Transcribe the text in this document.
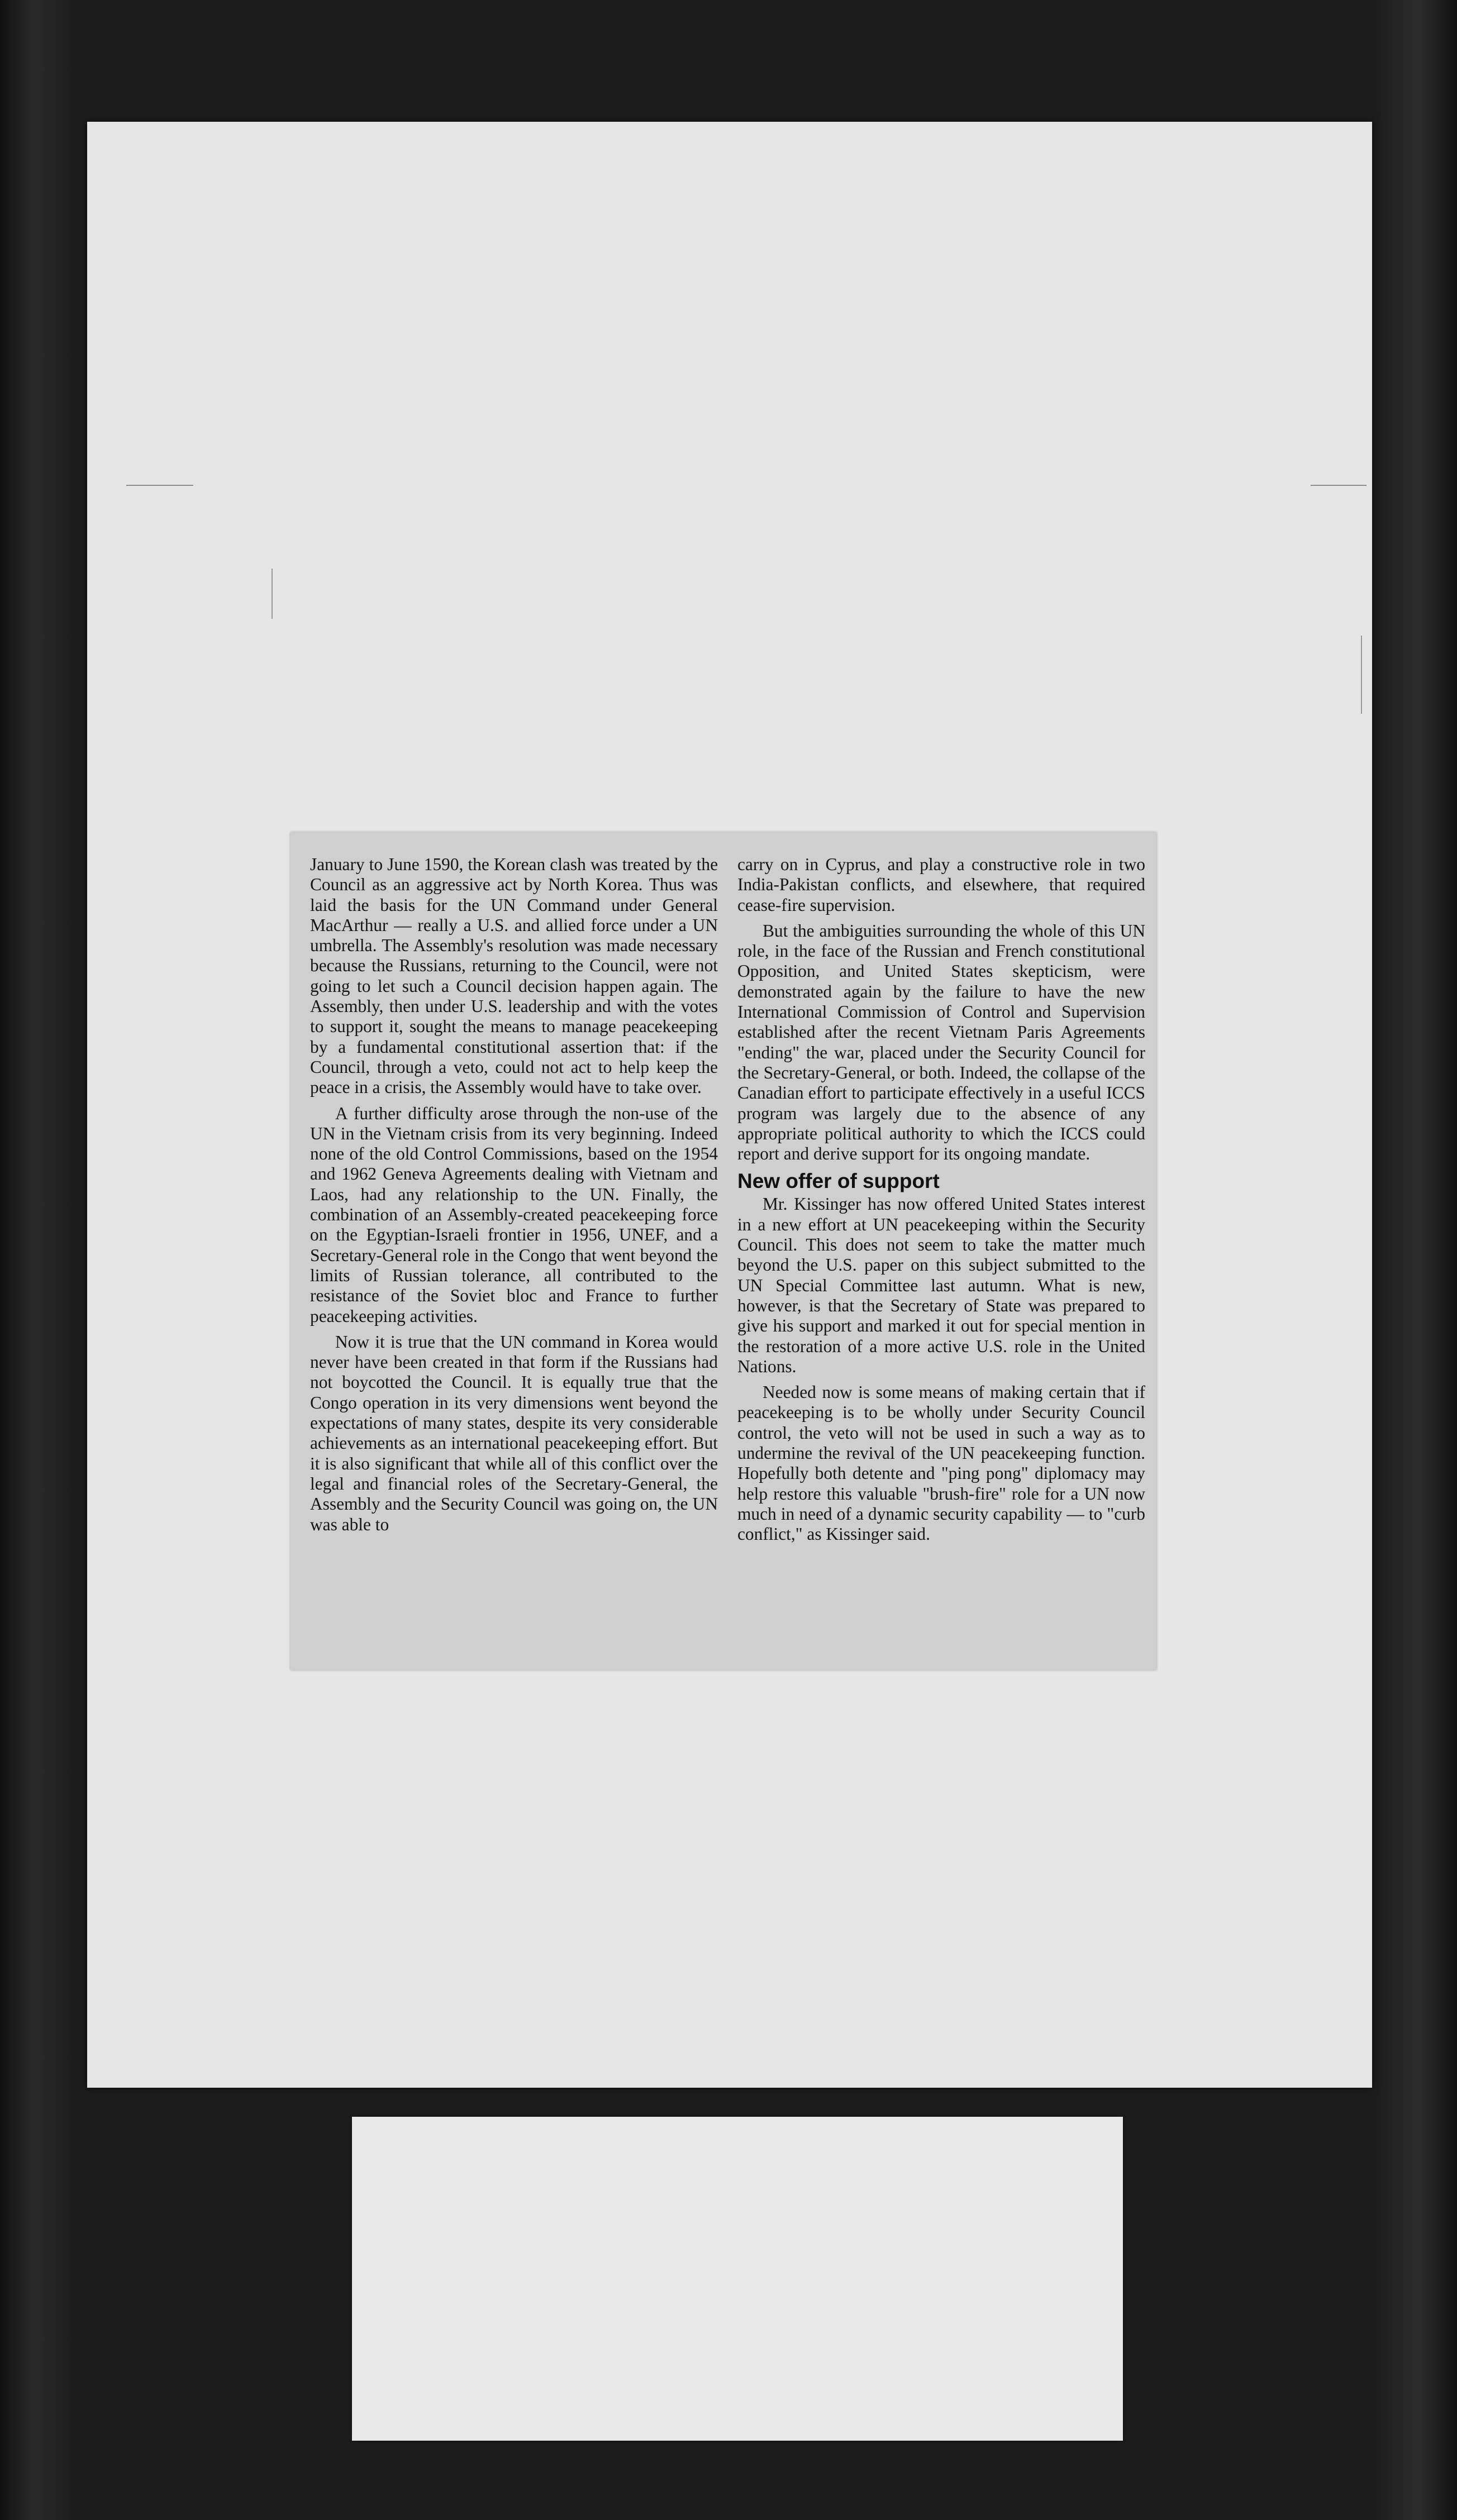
January to June 1590, the Korean clash was treated by the Council as an aggressive act by North Korea. Thus was laid the basis for the UN Command under General MacArthur — really a U.S. and allied force under a UN umbrella. The Assembly's resolution was made necessary because the Russians, returning to the Council, were not going to let such a Council decision happen again. The Assembly, then under U.S. leadership and with the votes to support it, sought the means to manage peacekeeping by a fundamental constitutional assertion that: if the Council, through a veto, could not act to help keep the peace in a crisis, the Assembly would have to take over.

A further difficulty arose through the non-use of the UN in the Vietnam crisis from its very beginning. Indeed none of the old Control Commissions, based on the 1954 and 1962 Geneva Agreements dealing with Vietnam and Laos, had any relationship to the UN. Finally, the combination of an Assembly-created peacekeeping force on the Egyptian-Israeli frontier in 1956, UNEF, and a Secretary-General role in the Congo that went beyond the limits of Russian tolerance, all contributed to the resistance of the Soviet bloc and France to further peacekeeping activities.

Now it is true that the UN command in Korea would never have been created in that form if the Russians had not boycotted the Council. It is equally true that the Congo operation in its very dimensions went beyond the expectations of many states, despite its very considerable achievements as an international peacekeeping effort. But it is also significant that while all of this conflict over the legal and financial roles of the Secretary-General, the Assembly and the Security Council was going on, the UN was able to

carry on in Cyprus, and play a constructive role in two India-Pakistan conflicts, and elsewhere, that required cease-fire supervision.

But the ambiguities surrounding the whole of this UN role, in the face of the Russian and French constitutional Opposition, and United States skepticism, were demonstrated again by the failure to have the new International Commission of Control and Supervision established after the recent Vietnam Paris Agreements "ending" the war, placed under the Security Council for the Secretary-General, or both. Indeed, the collapse of the Canadian effort to participate effectively in a useful ICCS program was largely due to the absence of any appropriate political authority to which the ICCS could report and derive support for its ongoing mandate.

New offer of support

Mr. Kissinger has now offered United States interest in a new effort at UN peacekeeping within the Security Council. This does not seem to take the matter much beyond the U.S. paper on this subject submitted to the UN Special Committee last autumn. What is new, however, is that the Secretary of State was prepared to give his support and marked it out for special mention in the restoration of a more active U.S. role in the United Nations.

Needed now is some means of making certain that if peacekeeping is to be wholly under Security Council control, the veto will not be used in such a way as to undermine the revival of the UN peacekeeping function. Hopefully both detente and "ping pong" diplomacy may help restore this valuable "brush-fire" role for a UN now much in need of a dynamic security capability — to "curb conflict," as Kissinger said.
